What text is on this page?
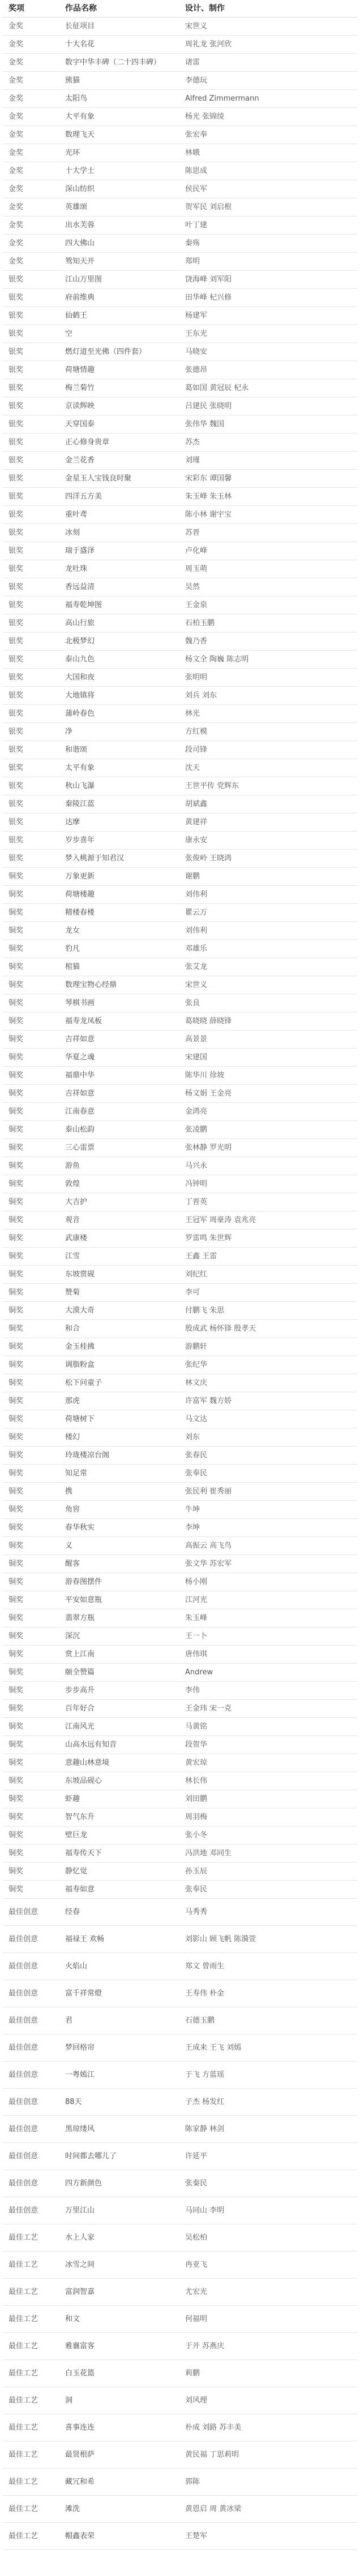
奖项	作品名称	设计、制作
金奖	长征项目	宋世义
金奖	十大名花	周礼龙 张河欣
金奖	数字中华丰碑（二十四丰碑）	诸雷
金奖	熊猫	李德玩
金奖	太阳鸟	Alfred Zimmermann
金奖	大平有象	杨光 张锦绫
金奖	数理飞天	张宏奉
金奖	光环	林娥
金奖	十大学士	陈思成
金奖	深山纺织	侯民军
金奖	英雄颂	贺军民 刘启根
金奖	出水芙蓉	叶丁建
金奖	四大佛山	秦殇
金奖	鸳知天开	郑明
银奖	江山万里图	饶海峰 刘军阳
银奖	府前维典	田华峰 杞兴修
银奖	仙鹤王	杨建军
银奖	空	王东光
银奖	燃灯道至光佛（四件套）	马晓安
银奖	荷塘情趣	张德昂
银奖	梅兰菊竹	葛如国 黄冠辰 杞永
银奖	京读辉映	吕建民 张晓明
银奖	天穿国泰	张伟华 魏国
银奖	正心修身贵章	苏杰
银奖	金兰花香	刘瑾
银奖	金星玉人宝钱良时聚	宋彩东 谭国馨
银奖	四洋五方美	朱玉峰 朱玉林
银奖	重叶鸢	陈小林 谢宇宝
银奖	冰刻	苏晋
银奖	瑞于盛泽	卢化峰
银奖	龙吐珠	周玉萌
银奖	香远益清	吴然
银奖	福寿乾坤图	王金泉
银奖	高山行旅	石柏玉鹏
银奖	北极梦幻	魏乃香
银奖	泰山九色	杨文全 陶巍 陈志明
银奖	大国和夜	张明明
银奖	大地镇将	刘兵 刘东
银奖	蒲岭春色	林光
银奖	净	方红模
银奖	和谐颂	段司锋
银奖	太平有象	沈天
银奖	秋山飞瀑	王世平传 党辉东
银奖	秦陵江蓝	胡斌鑫
银奖	达摩	黄建祥
银奖	岁步喜年	康永安
银奖	梦入桃源于知君汉	张俊岭 王晓鸿
铜奖	万象更新	谢鹏
铜奖	荷塘楼趣	刘伟利
铜奖	精楼春楼	瞿云万
铜奖	龙女	刘伟利
铜奖	豹凡	邓雄乐
铜奖	棺猫	张艾龙
铜奖	数理宝物心经鼎	宋世义
铜奖	琴棋书画	张良
铜奖	福寿龙凤板	葛晓晓 薛晓锋
铜奖	吉祥如意	高景景
铜奖	华夏之魂	宋建国
铜奖	福鼎中华	陈华川 徐坡
铜奖	吉祥如意	杨文娟 王金亮
铜奖	江南春意	金鸿亮
铜奖	泰山松韵	张凌鹏
铜奖	三心雷票	张林静 罗光明
铜奖	游鱼	马兴永
铜奖	敦煌	冯钟明
铜奖	大吉护	丁晋英
铜奖	观音	王冠军 周豪涛 袁兆亮
铜奖	武康楼	罗雷鸣 朱世辉
铜奖	江雪	王鑫 王雷
铜奖	东坡赏砚	刘纪红
铜奖	赞菊	李可
铜奖	大漠大奇	付鹏飞 朱思
铜奖	和合	殷成武 杨怀锋 殷孝天
铜奖	金玉桂拂	游鹏轩
铜奖	调脂粉盒	张纪华
铜奖	松下问童子	林文庆
铜奖	那虎	许富军 魏方娇
铜奖	荷塘树下	马文达
铜奖	楼幻	刘东
铜奖	玲珑楼凉台阁	张春民
铜奖	知足常	张奉民
铜奖	携	张民利 崔秀丽
铜奖	角窖	牛坤
铜奖	春华秋实	李坤
铜奖	义	高振云 高飞鸟
铜奖	醒客	张文华 苏宏军
铜奖	游春图摆件	杨小刚
铜奖	平安如意瓶	江河光
铜奖	翡翠方瓶	朱玉峰
铜奖	深沉	王一卜
铜奖	赏上江南	唐伟琪
铜奖	颐全赞篇	Andrew
铜奖	步步高升	李伟
铜奖	百年好合	王金玮 宋一克
铜奖	江南风光	马黄铭
铜奖	山高水远有知音	段贺华
铜奖	意趣山林意境	黄宏琼
铜奖	东坡品砚心	林长伟
铜奖	虾趣	刘田鹏
铜奖	智气东升	周羽梅
铜奖	壁巨龙	张小冬
铜奖	福寿传天下	冯洪地 邓同生
铜奖	静忆觉	孙玉辰
铜奖	福寿如意	张奉民
最佳创意	经春	马秀秀
最佳创意	福禄王 欢畅	刘影山 顾飞帆 陈漪萱
最佳创意	火焰山	郑文 曾雨生
最佳创意	富千祥常燈	王寿伟 朴金
最佳创意	君	石德玉鹏
最佳创意	梦回格帘	王成来 王飞 刘嫣
最佳创意	一粤嫣江	于飞 方蓝瑶
最佳创意	88天	子杰 杨发红
最佳创意	黑琼缕风	陈家静 林剑
最佳创意	时间都去哪儿了	许延平
最佳创意	四方新颜色	张秦民
最佳创意	万里江山	马同山 李明
最佳工艺	水上人家	吴松柏
最佳工艺	冰雪之间	冉亚飞
最佳工艺	富润智嘉	尤宏光
最佳工艺	和文	何福明
最佳工艺	雅襄富客	于开 苏燕庆
最佳工艺	白玉花篮	莉鹏
最佳工艺	洞	刘风理
最佳工艺	喜事连连	朴成 刘路 苏丰美
最佳工艺	最贤根萨	黄民福 丁思莉明
最佳工艺	藏冗和希	郭陈
最佳工艺	滩洗	黄恩启 周 黄冰梁
最佳工艺	帽鑫表荣	王楚军
